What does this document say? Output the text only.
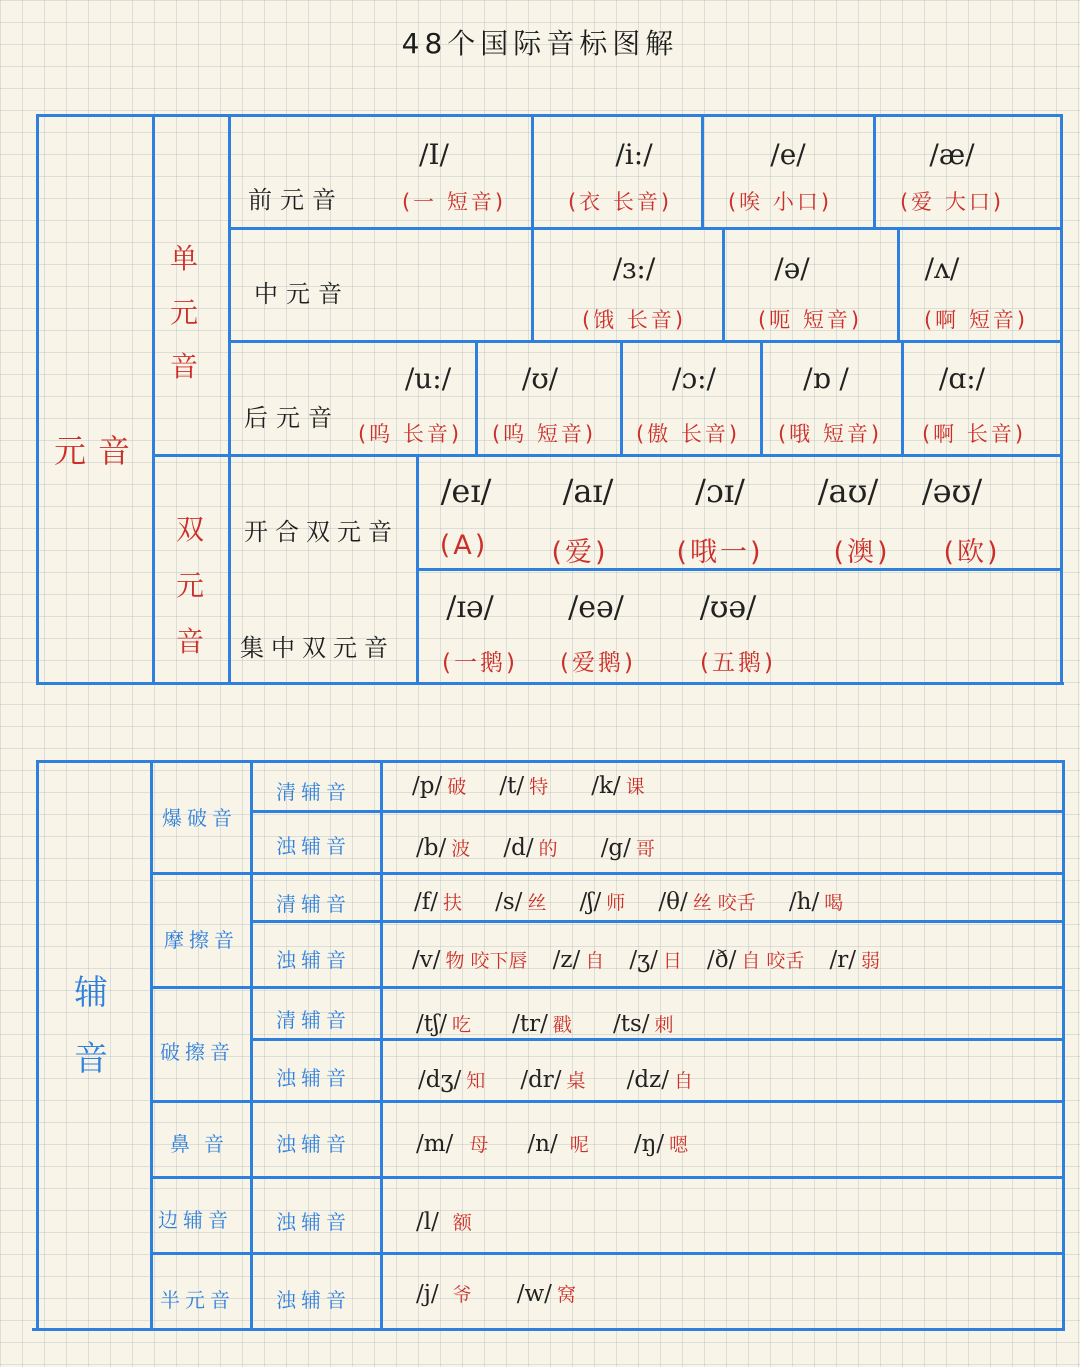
48个国际音标图解
元音
单
元
音
双
元
音
前元音
/I/
(一 短音)
/i:/
(衣 长音)
/e/
(唉 小口)
/æ/
(爱 大口)
中元音
/ɜ:/
(饿 长音)
/ə/
(呃 短音)
/ʌ/
(啊 短音)
后元音
/u:/
(呜 长音)
/ʊ/
(呜 短音)
/ɔ:/
(傲 长音)
/ɒ /
(哦 短音)
/ɑ:/
(啊 长音)
开合双元音
/eɪ/
(A)
/aɪ/
(爱)
/ɔɪ/
(哦一)
/aʊ/
(澳)
/əʊ/
(欧)
集中双元音
/ɪə/
(一鹅)
/eə/
(爱鹅)
/ʊə/
(五鹅)
辅
音
爆破音
摩擦音
破擦音
鼻音
边辅音
半元音
清辅音
浊辅音
清辅音
浊辅音
清辅音
浊辅音
浊辅音
浊辅音
浊辅音
/p/ 破 /t/ 特 /k/ 课
/b/ 波 /d/ 的 /g/ 哥
/f/ 扶 /s/ 丝 /ʃ/ 师 /θ/ 丝 咬舌 /h/ 喝
/v/ 物 咬下唇 /z/ 自 /ʒ/ 日 /ð/ 自 咬舌 /r/ 弱
/tʃ/ 吃 /tr/ 戳 /ts/ 刺
/dʒ/ 知 /dr/ 桌 /dz/ 自
/m/ 母 /n/ 呢 /ŋ/ 嗯
/l/ 额
/j/ 爷 /w/ 窝
